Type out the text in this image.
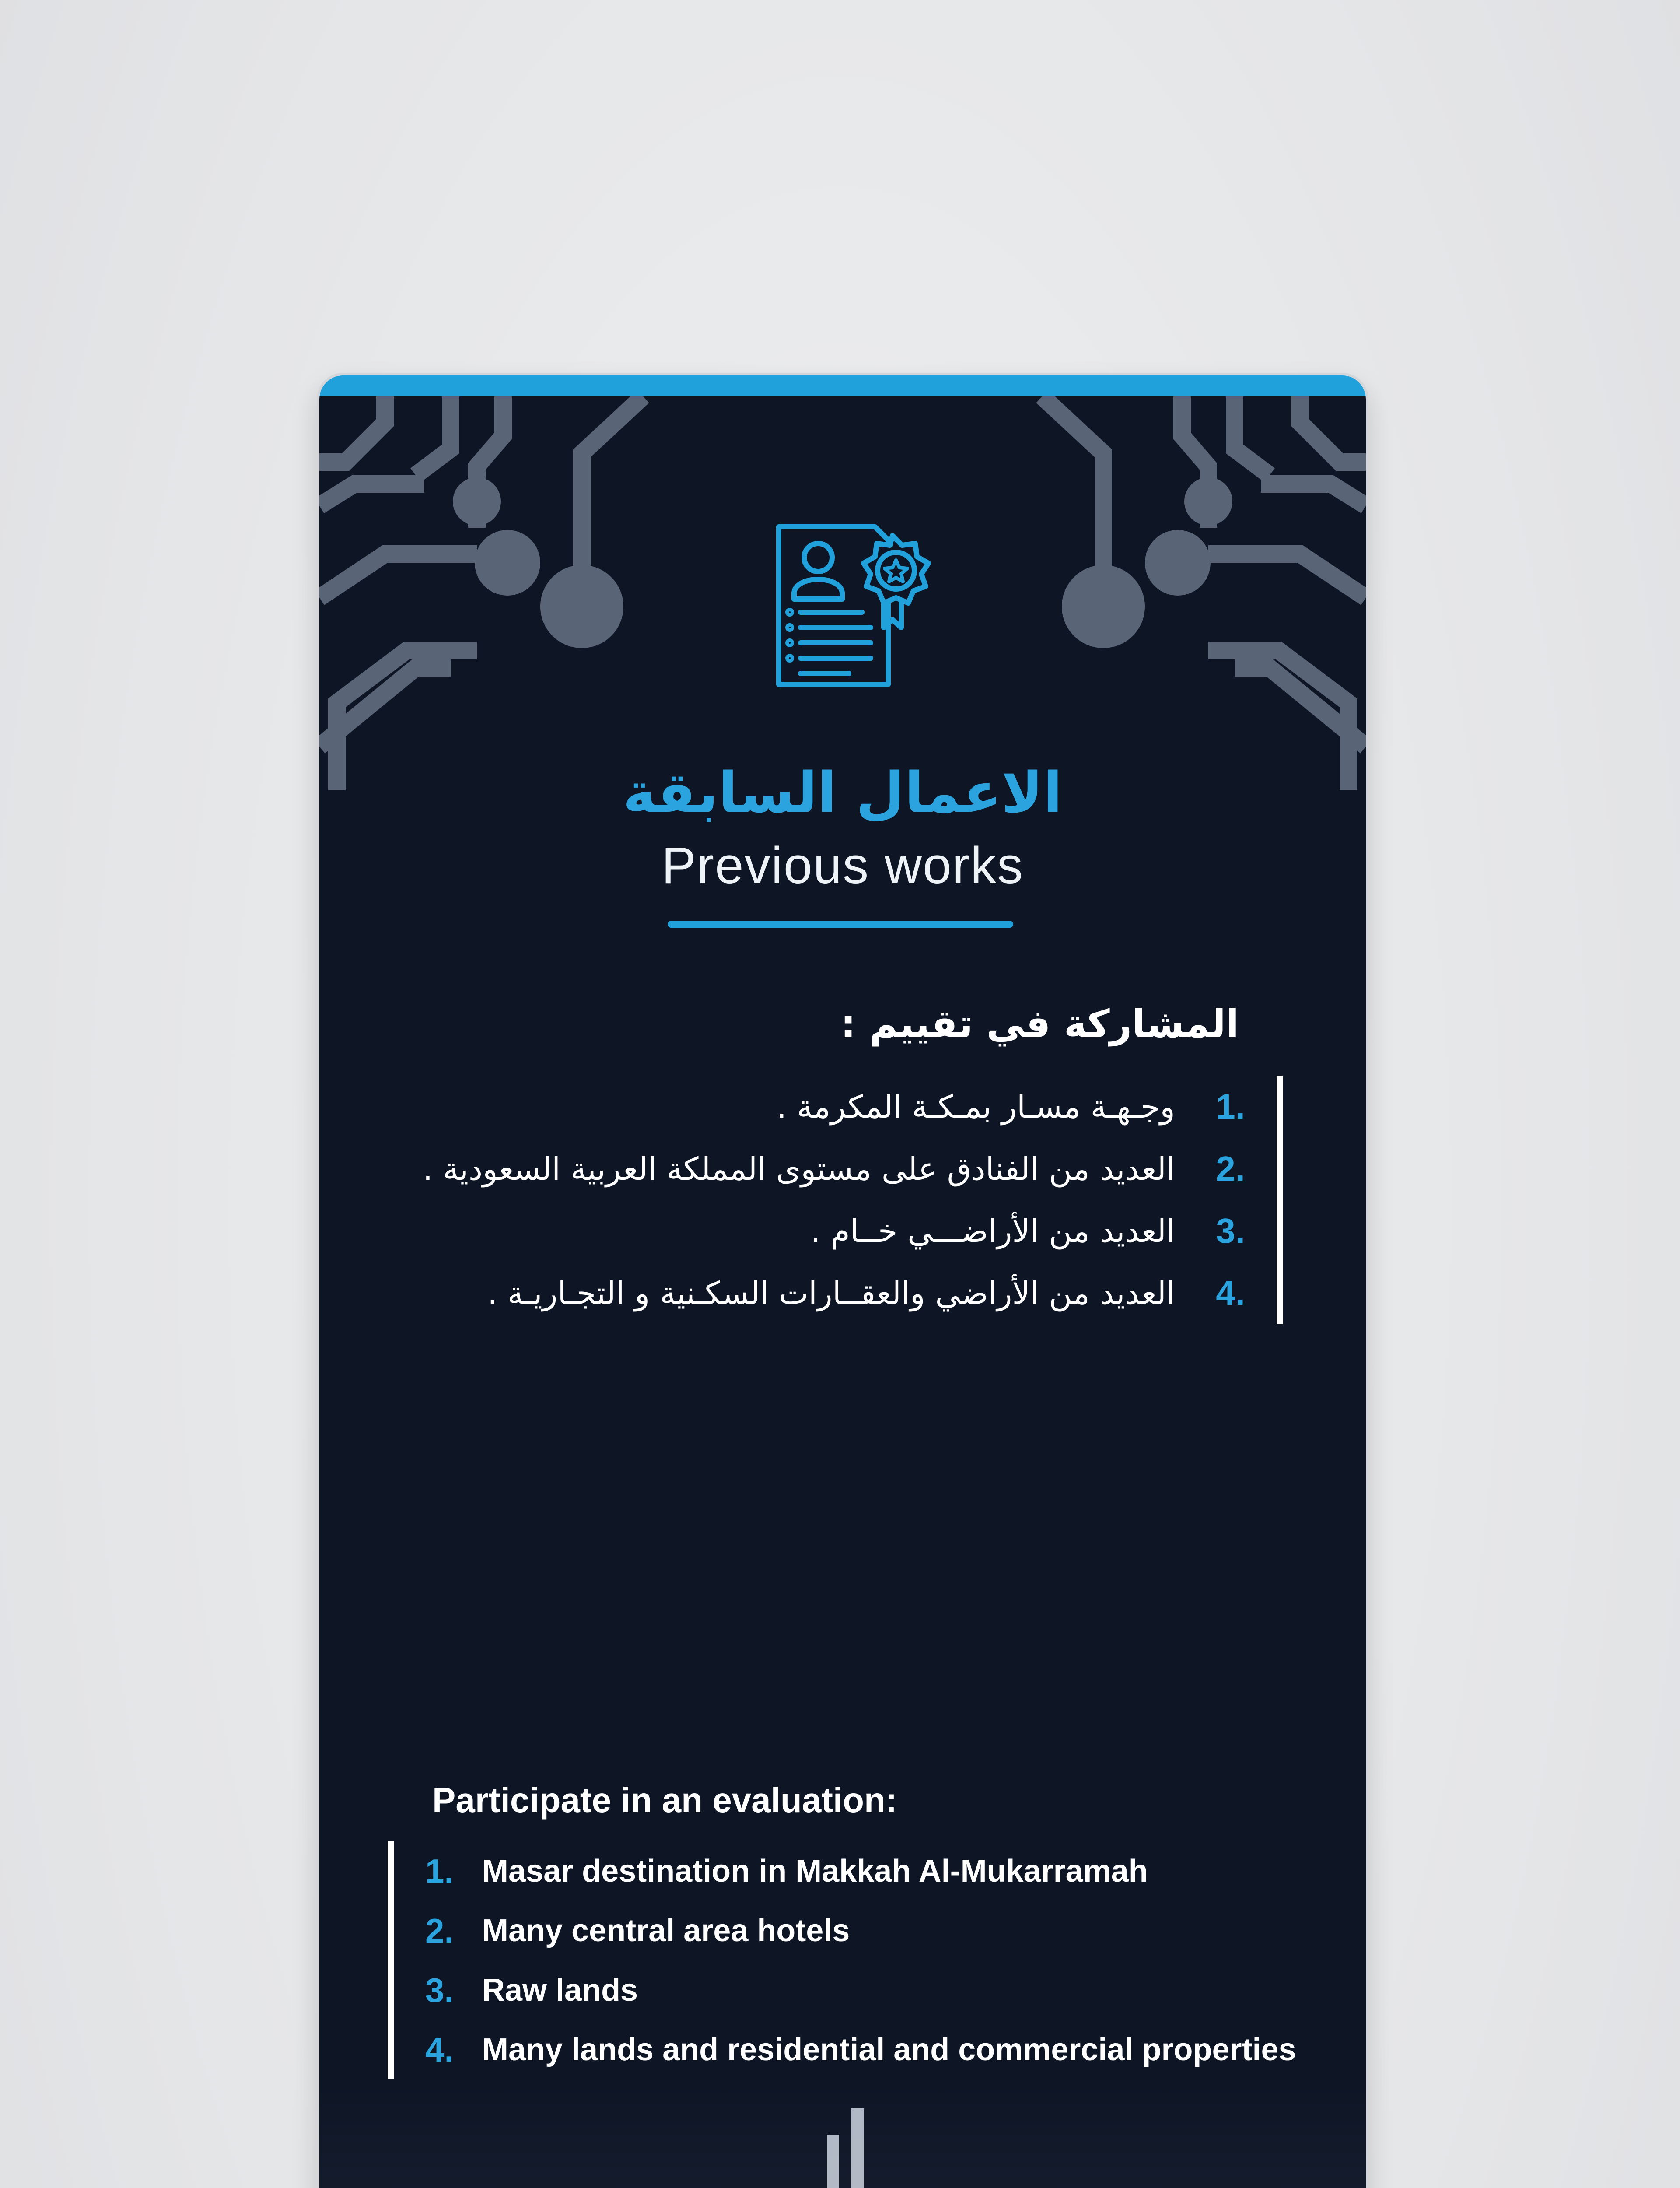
الاعمال السابقة
Previous works
المشاركة في تقييم :
.1
وجـهـة مسـار بمـكـة المكرمة .
.2
العديد من الفنادق على مستوى المملكة العربية السعودية .
.3
العديد من الأراضـــي خــام .
.4
العديد من الأراضي والعقــارات السكـنية و التجـاريـة .
Participate in an evaluation:
1. Masar destination in Makkah Al-Mukarramah
2. Many central area hotels
3. Raw lands
4. Many lands and residential and commercial properties
